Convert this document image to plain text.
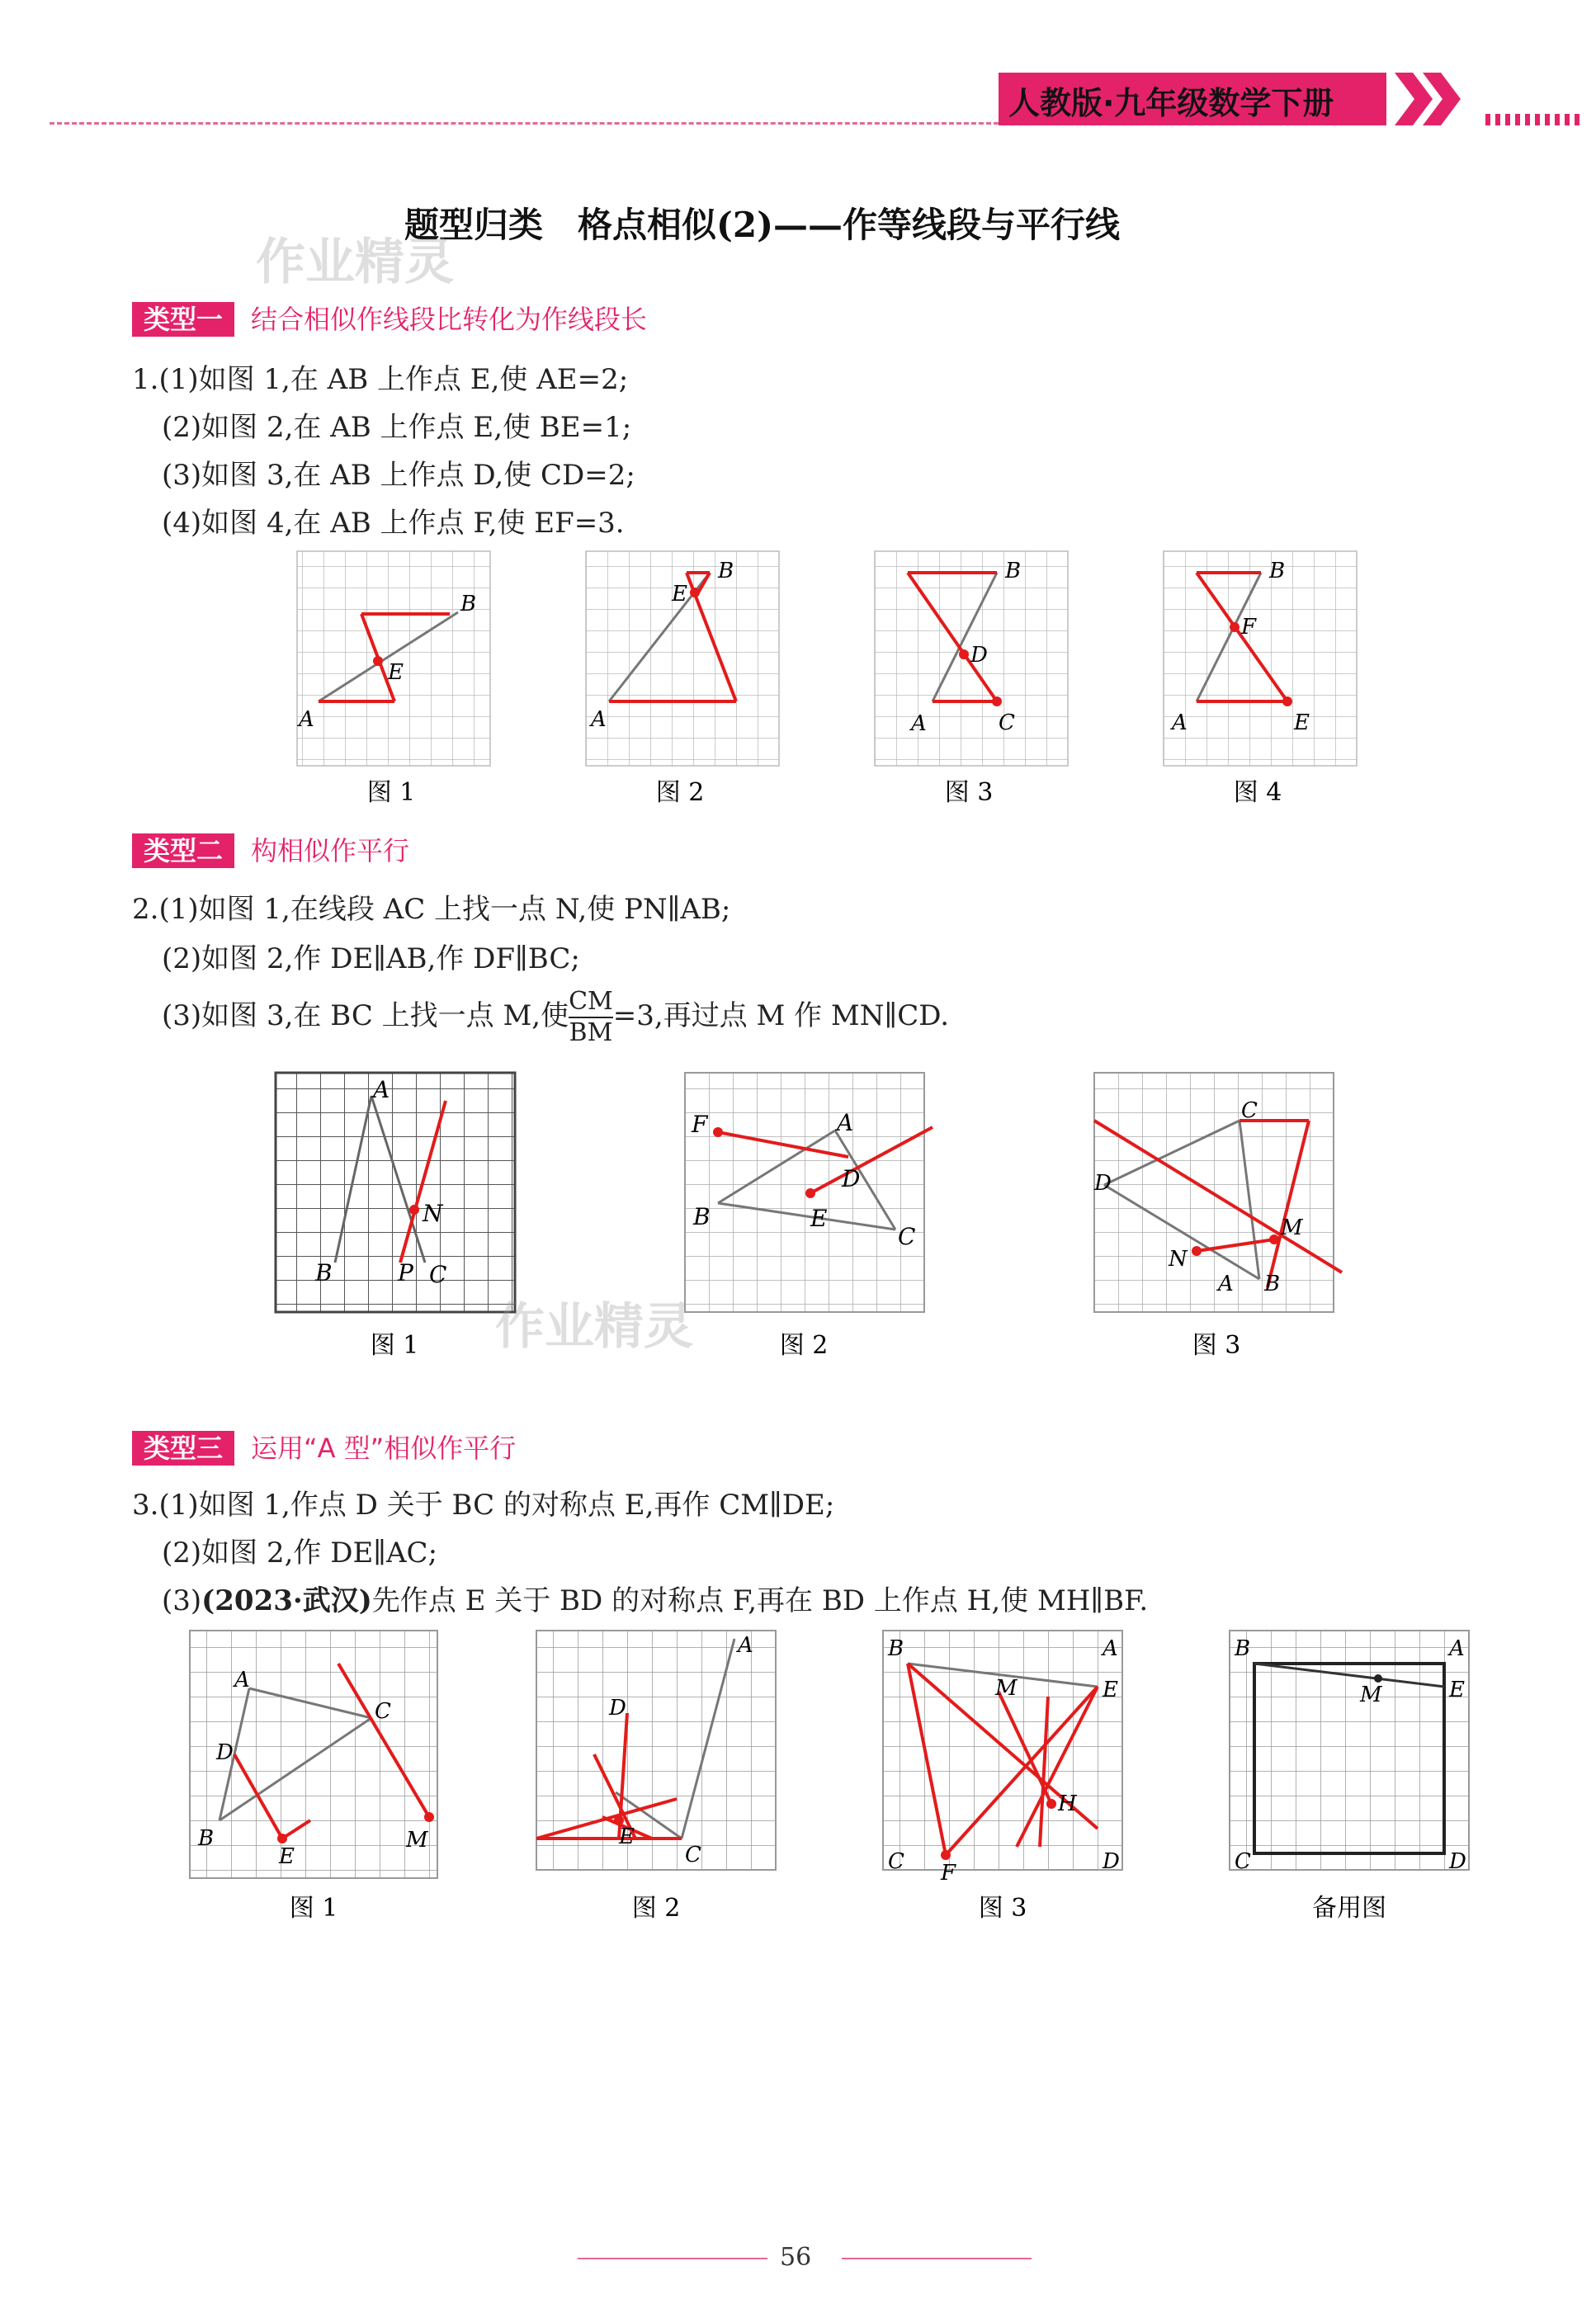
人教版·九年级数学下册
题型归类　格点相似(2)——作等线段与平行线
作业精灵
类型一	结合相似作线段比转化为作线段长
1.(1)如图 1,在 AB 上作点 E,使 AE=2;
(2)如图 2,在 AB 上作点 E,使 BE=1;
(3)如图 3,在 AB 上作点 D,使 CD=2;
(4)如图 4,在 AB 上作点 F,使 EF=3.
A
B
E
图 1
A
B
E
图 2
A
B
C
D
图 3
A
B
E
F
图 4
类型二	构相似作平行
2.(1)如图 1,在线段 AC 上找一点 N,使 PN∥AB;
(2)如图 2,作 DE∥AB,作 DF∥BC;
(3)如图 3,在 BC 上找一点 M,使 $\frac{CM}{BM} =3$,再过点 M 作 MN∥CD.
A
B	P C
N
图 1
F	A
D
B	E
C
图 2
C
D
M
N
A B
图 3
作业精灵
类型三	运用“A 型”相似作平行
3.(1)如图 1,作点 D 关于 BC 的对称点 E,再作 CM∥DE;
(2)如图 2,作 DE∥AC;
(3)(2023·武汉)先作点 E 关于 BD 的对称点 F,再在 BD 上作点 H,使 MH∥BF.
A
C
D
B
E
M
图 1
A
D
E
C
图 2
B	A
M	E
H
C F	D
图 3
B	A
M	E
C	D
备用图
56
